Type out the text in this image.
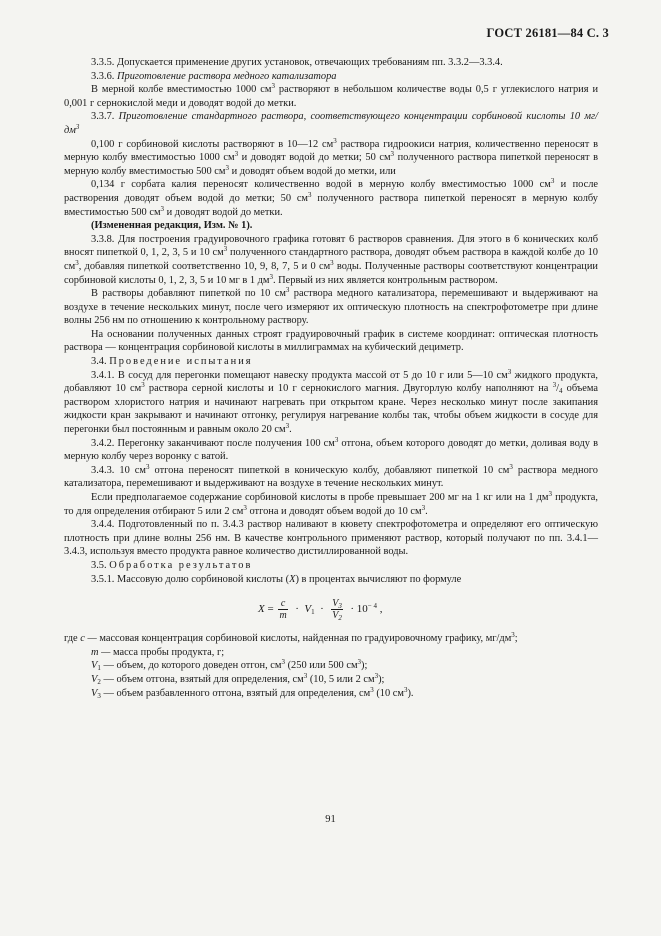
ГОСТ 26181—84 С. 3

3.3.5. Допускается применение других установок, отвечающих требованиям пп. 3.3.2—3.3.4.

3.3.6. Приготовление раствора медного катализатора

В мерной колбе вместимостью 1000 $см^3$ растворяют в небольшом количестве воды 0,5 г углекислого натрия и 0,001 г сернокислой меди и доводят водой до метки.

3.3.7. Приготовление стандартного раствора, соответствующего концентрации сорбиновой кислоты 10 $мг/дм^3$

0,100 г сорбиновой кислоты растворяют в 10—12 $см^3$ раствора гидроокиси натрия, количественно переносят в мерную колбу вместимостью 1000 $см^3$ и доводят водой до метки; 50 $см^3$ полученного раствора пипеткой переносят в мерную колбу вместимостью 500 $см^3$ и доводят объем водой до метки, или

0,134 г сорбата калия переносят количественно водой в мерную колбу вместимостью 1000 $см^3$ и после растворения доводят объем водой до метки; 50 $см^3$ полученного раствора пипеткой переносят в мерную колбу вместимостью 500 $см^3$ и доводят водой до метки.

(Измененная редакция, Изм. № 1).

3.3.8. Для построения градуировочного графика готовят 6 растворов сравнения. Для этого в 6 конических колб вносят пипеткой 0, 1, 2, 3, 5 и 10 $см^3$ полученного стандартного раствора, доводят объем раствора в каждой колбе до 10 $см^3$, добавляя пипеткой соответственно 10, 9, 8, 7, 5 и 0 $см^3$ воды. Полученные растворы соответствуют концентрации сорбиновой кислоты 0, 1, 2, 3, 5 и 10 мг в 1 $дм^3$. Первый из них является контрольным раствором.

В растворы добавляют пипеткой по 10 $см^3$ раствора медного катализатора, перемешивают и выдерживают на воздухе в течение нескольких минут, после чего измеряют их оптическую плотность на спектрофотометре при длине волны 256 нм по отношению к контрольному раствору.

На основании полученных данных строят градуировочный график в системе координат: оптическая плотность раствора — концентрация сорбиновой кислоты в миллиграммах на кубический дециметр.

3.4. Проведение испытания

3.4.1. В сосуд для перегонки помещают навеску продукта массой от 5 до 10 г или 5—10 $см^3$ жидкого продукта, добавляют 10 $см^3$ раствора серной кислоты и 10 г сернокислого магния. Двугорлую колбу наполняют на $^3/_4$ объема раствором хлористого натрия и начинают нагревать при открытом кране. Через несколько минут после закипания жидкости кран закрывают и начинают отгонку, регулируя нагревание колбы так, чтобы объем жидкости в сосуде для перегонки был постоянным и равным около 20 $см^3$.

3.4.2. Перегонку заканчивают после получения 100 $см^3$ отгона, объем которого доводят до метки, доливая воду в мерную колбу через воронку с ватой.

3.4.3. 10 $см^3$ отгона переносят пипеткой в коническую колбу, добавляют пипеткой 10 $см^3$ раствора медного катализатора, перемешивают и выдерживают на воздухе в течение нескольких минут.

Если предполагаемое содержание сорбиновой кислоты в пробе превышает 200 мг на 1 кг или на 1 $дм^3$ продукта, то для определения отбирают 5 или 2 $см^3$ отгона и доводят объем водой до 10 $см^3$.

3.4.4. Подготовленный по п. 3.4.3 раствор наливают в кювету спектрофотометра и определяют его оптическую плотность при длине волны 256 нм. В качестве контрольного применяют раствор, который получают по пп. 3.4.1—3.4.3, используя вместо продукта равное количество дистиллированной воды.

3.5. Обработка результатов

3.5.1. Массовую долю сорбиновой кислоты (X) в процентах вычисляют по формуле

$X = \frac{c}{m} \cdot V_1 \cdot \frac{V_3}{V_2} \cdot 10^{- 4}$ ,

где c — массовая концентрация сорбиновой кислоты, найденная по градуировочному графику, $мг/дм^3$;

m — масса пробы продукта, г;

$V_1$ — объем, до которого доведен отгон, $см^3$ (250 или 500 $см^3$);

$V_2$ — объем отгона, взятый для определения, $см^3$ (10, 5 или 2 $см^3$);

$V_3$ — объем разбавленного отгона, взятый для определения, $см^3$ (10 $см^3$).

91
